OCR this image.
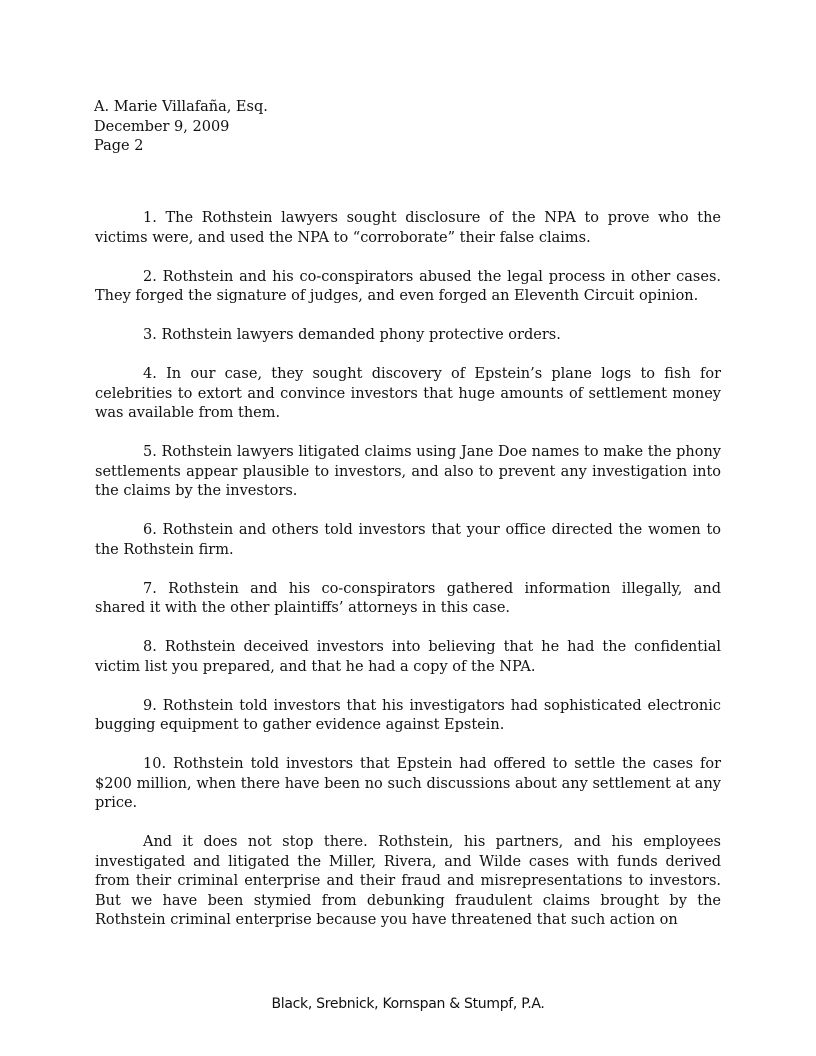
A. Marie Villafaña, Esq.
December 9, 2009
Page 2

1. The Rothstein lawyers sought disclosure of the NPA to prove who the victims were, and used the NPA to “corroborate” their false claims.

2. Rothstein and his co-conspirators abused the legal process in other cases. They forged the signature of judges, and even forged an Eleventh Circuit opinion.

3. Rothstein lawyers demanded phony protective orders.

4. In our case, they sought discovery of Epstein’s plane logs to fish for celebrities to extort and convince investors that huge amounts of settlement money was available from them.

5. Rothstein lawyers litigated claims using Jane Doe names to make the phony settlements appear plausible to investors, and also to prevent any investigation into the claims by the investors.

6. Rothstein and others told investors that your office directed the women to the Rothstein firm.

7. Rothstein and his co-conspirators gathered information illegally, and shared it with the other plaintiffs’ attorneys in this case.

8. Rothstein deceived investors into believing that he had the confidential victim list you prepared, and that he had a copy of the NPA.

9. Rothstein told investors that his investigators had sophisticated electronic bugging equipment to gather evidence against Epstein.

10. Rothstein told investors that Epstein had offered to settle the cases for $200 million, when there have been no such discussions about any settlement at any price.

And it does not stop there. Rothstein, his partners, and his employees investigated and litigated the Miller, Rivera, and Wilde cases with funds derived from their criminal enterprise and their fraud and misrepresentations to investors. But we have been stymied from debunking fraudulent claims brought by the Rothstein criminal enterprise because you have threatened that such action on

Black, Srebnick, Kornspan & Stumpf, P.A.
